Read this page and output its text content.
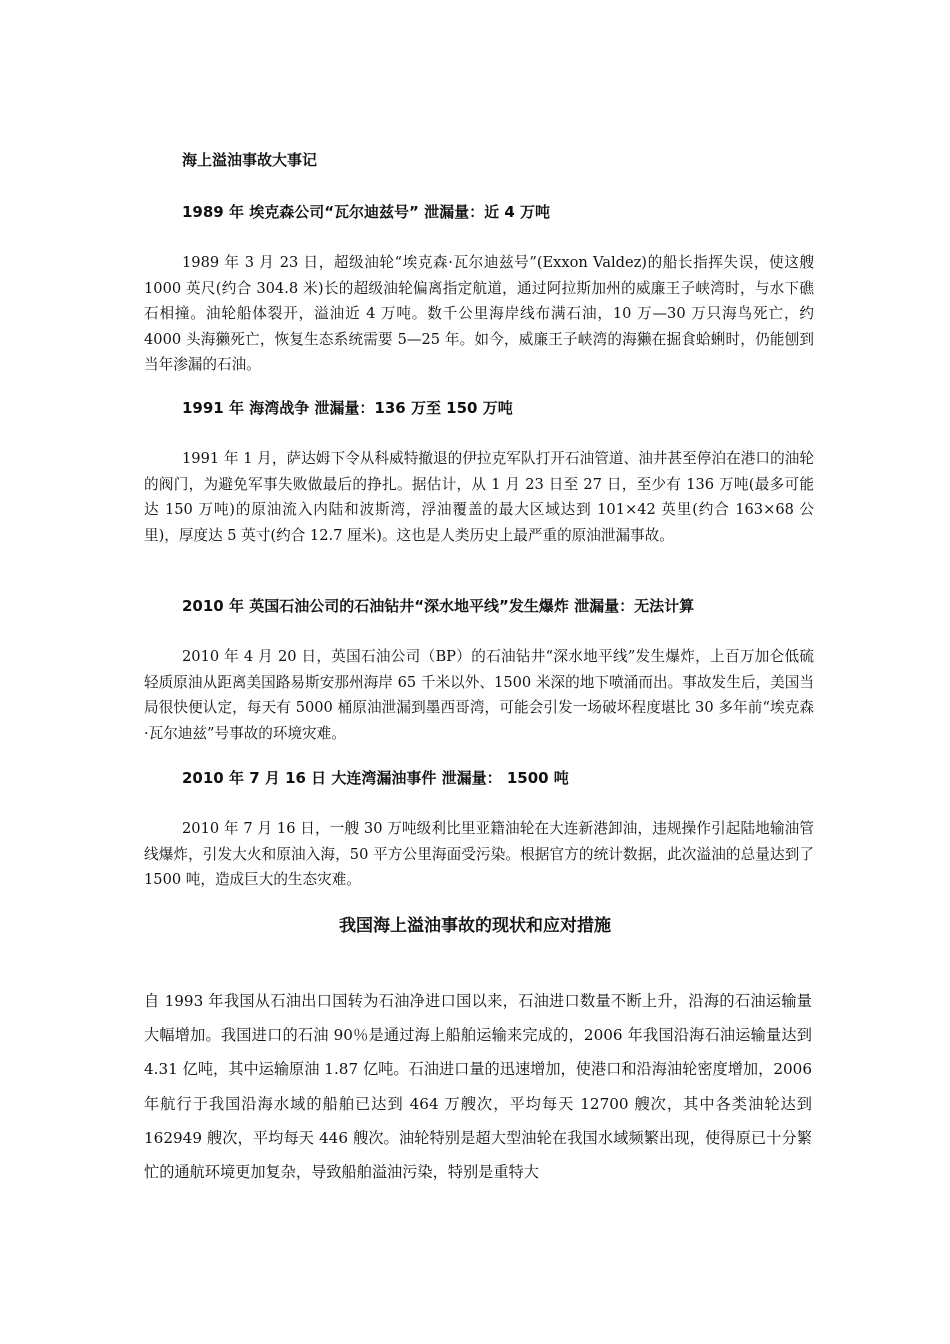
海上溢油事故大事记
1989 年 埃克森公司“瓦尔迪兹号” 泄漏量：近 4 万吨

1989 年 3 月 23 日，超级油轮“埃克森·瓦尔迪兹号”(Exxon Valdez)的船长指挥失误，使这艘 1000 英尺(约合 304.8 米)长的超级油轮偏离指定航道，通过阿拉斯加州的威廉王子峡湾时，与水下礁石相撞。油轮船体裂开，溢油近 4 万吨。数千公里海岸线布满石油，10 万—30 万只海鸟死亡，约 4000 头海獭死亡，恢复生态系统需要 5—25 年。如今，威廉王子峡湾的海獭在掘食蛤蜊时，仍能刨到当年渗漏的石油。

1991 年 海湾战争 泄漏量：136 万至 150 万吨

1991 年 1 月，萨达姆下令从科威特撤退的伊拉克军队打开石油管道、油井甚至停泊在港口的油轮的阀门，为避免军事失败做最后的挣扎。据估计，从 1 月 23 日至 27 日，至少有 136 万吨(最多可能达 150 万吨)的原油流入内陆和波斯湾，浮油覆盖的最大区域达到 101×42 英里(约合 163×68 公里)，厚度达 5 英寸(约合 12.7 厘米)。这也是人类历史上最严重的原油泄漏事故。

2010 年 英国石油公司的石油钻井“深水地平线”发生爆炸 泄漏量：无法计算

2010 年 4 月 20 日，英国石油公司（BP）的石油钻井“深水地平线”发生爆炸，上百万加仑低硫轻质原油从距离美国路易斯安那州海岸 65 千米以外、1500 米深的地下喷涌而出。事故发生后，美国当局很快便认定，每天有 5000 桶原油泄漏到墨西哥湾，可能会引发一场破坏程度堪比 30 多年前“埃克森·瓦尔迪兹”号事故的环境灾难。

2010 年 7 月 16 日 大连湾漏油事件 泄漏量： 1500 吨

2010 年 7 月 16 日，一艘 30 万吨级利比里亚籍油轮在大连新港卸油，违规操作引起陆地输油管线爆炸，引发大火和原油入海，50 平方公里海面受污染。根据官方的统计数据，此次溢油的总量达到了 1500 吨，造成巨大的生态灾难。

我国海上溢油事故的现状和应对措施

自 1993 年我国从石油出口国转为石油净进口国以来，石油进口数量不断上升，沿海的石油运输量大幅增加。我国进口的石油 90％是通过海上船舶运输来完成的，2006 年我国沿海石油运输量达到 4.31 亿吨，其中运输原油 1.87 亿吨。石油进口量的迅速增加，使港口和沿海油轮密度增加，2006 年航行于我国沿海水域的船舶已达到 464 万艘次，平均每天 12700 艘次，其中各类油轮达到 162949 艘次，平均每天 446 艘次。油轮特别是超大型油轮在我国水域频繁出现，使得原已十分繁忙的通航环境更加复杂，导致船舶溢油污染，特别是重特大
